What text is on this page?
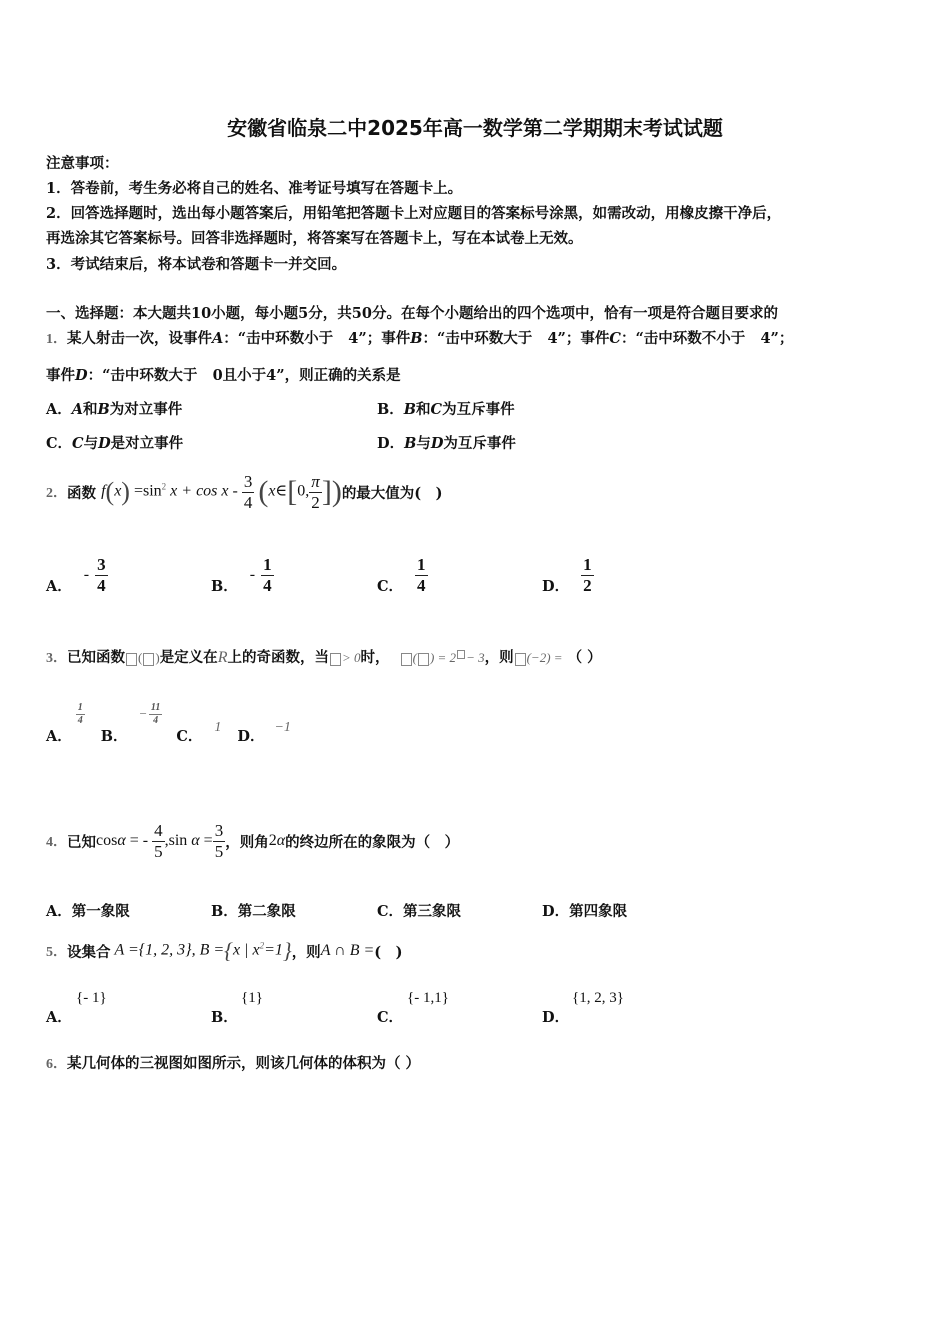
安徽省临泉二中2025年高一数学第二学期期末考试试题
注意事项：
1．答卷前，考生务必将自己的姓名、准考证号填写在答题卡上。
2．回答选择题时，选出每小题答案后，用铅笔把答题卡上对应题目的答案标号涂黑，如需改动，用橡皮擦干净后，
再选涂其它答案标号。回答非选择题时，将答案写在答题卡上，写在本试卷上无效。
3．考试结束后，将本试卷和答题卡一并交回。
一、选择题：本大题共10小题，每小题5分，共50分。在每个小题给出的四个选项中，恰有一项是符合题目要求的
1．某人射击一次，设事件A：“击中环数小于 4”；事件B：“击中环数大于 4”；事件C：“击中环数不小于 4”；
事件D：“击中环数大于 0且小于4”，则正确的关系是
A．A和B为对立事件	B．B和C为互斥事件
C．C与D是对立事件	D．B与D为互斥事件
2． 函数
$f(x) =\sin^2$ $x + \cos x - \frac{3}{4}$ (x∈[0, $\frac{\pi}{2}$ ]) 的最大值为(　)
A．
- $\frac{3}{4}$	B．
- $\frac{1}{4}$	C． $\frac{1}{4}$	D． $\frac{1}{2}$
3．已知函数 ( )是定义在R上的奇函数，当 > 0时， ( ) = 2 − 3，则 (−2) = （ ）
A．
$\frac{1}{4}$
B．
− $\frac{11}{4}$
C．
1
D．
−1
4． 已知 cos α
= -
$\frac{4}{5} ,\sin$
α
= $\frac{3}{5}$ ，则角 2α 的终边所在的象限为（　）
A．第一象限	B．第二象限	C．第三象限	D．第四象限
5． 设集合 A ={1, 2, 3}, B ={x | $x^2=1$} ，则 A ∩ B = (　)
A．
{- 1}
B．
{1}
C．
{- 1,1}
D．
{1, 2, 3}
6．某几何体的三视图如图所示，则该几何体的体积为（ ）
